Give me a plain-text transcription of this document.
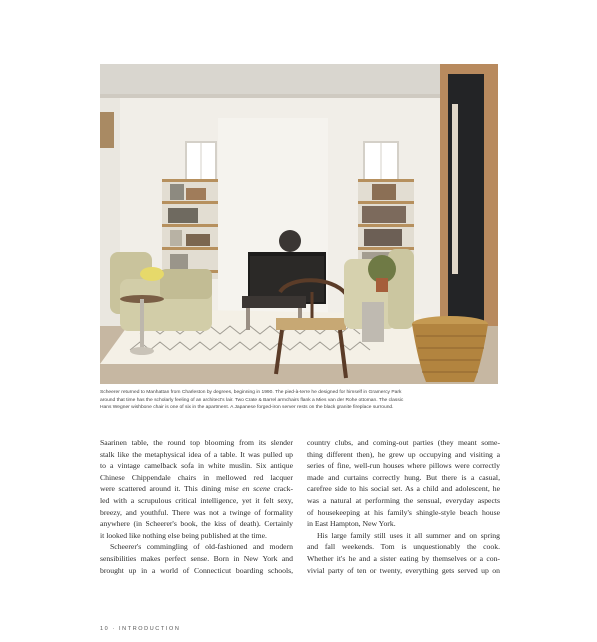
Scheerer returned to Manhattan from Charleston by degrees, beginning in 1990. The pied-à-terre he designed for himself in Gramercy Park
around that time has the scholarly feeling of an architect's lair. Two Crate & Barrel armchairs flank a Mies van der Rohe ottoman. The classic
Hans Wegner wishbone chair is one of six in the apartment. A Japanese forged-iron server rests on the black granite fireplace surround.
Saarinen table, the round top blooming from its slender
stalk like the metaphysical idea of a table. It was pulled up
to a vintage camelback sofa in white muslin. Six antique
Chinese Chippendale chairs in mellowed red lacquer
were scattered around it. This dining mise en scene crack-
led with a scrupulous critical intelligence, yet it felt sexy,
breezy, and youthful. There was not a twinge of formality
anywhere (in Scheerer's book, the kiss of death). Certainly
it looked like nothing else being published at the time.
Scheerer's commingling of old-fashioned and modern
sensibilities makes perfect sense. Born in New York and
brought up in a world of Connecticut boarding schools,
country clubs, and coming-out parties (they meant some-
thing different then), he grew up occupying and visiting a
series of fine, well-run houses where pillows were correctly
made and curtains correctly hung. But there is a casual,
carefree side to his social set. As a child and adolescent, he
was a natural at performing the sensual, everyday aspects
of housekeeping at his family's shingle-style beach house
in East Hampton, New York.
His large family still uses it all summer and on spring
and fall weekends. Tom is unquestionably the cook.
Whether it's he and a sister eating by themselves or a con-
vivial party of ten or twenty, everything gets served up on
10 · INTRODUCTION
